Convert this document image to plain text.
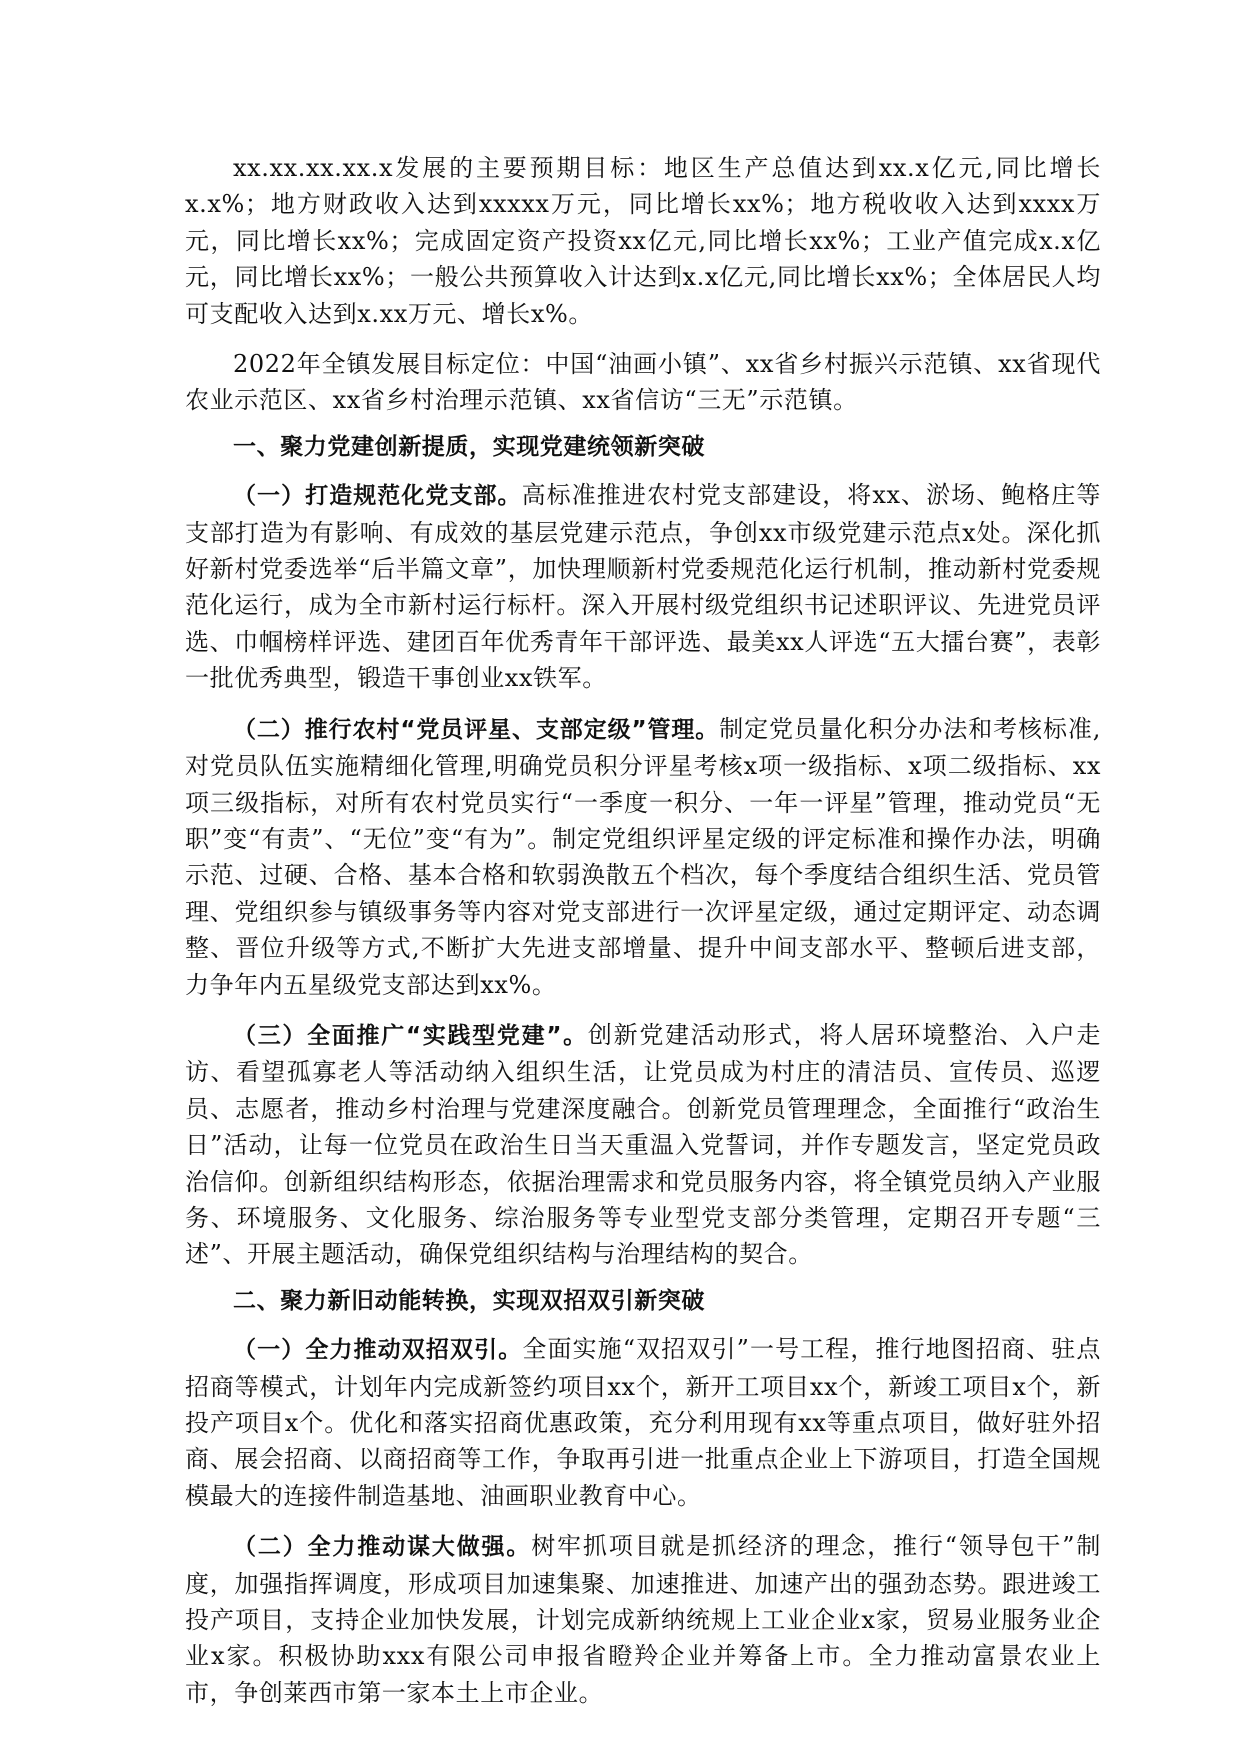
xx.xx.xx.xx.x发展的主要预期目标：地区生产总值达到xx.x亿元,同比增长x.x%；地方财政收入达到xxxxx万元，同比增长xx%；地方税收收入达到xxxx万元，同比增长xx%；完成固定资产投资xx亿元,同比增长xx%；工业产值完成x.x亿元，同比增长xx%；一般公共预算收入计达到x.x亿元,同比增长xx%；全体居民人均可支配收入达到x.xx万元、增长x%。

2022年全镇发展目标定位：中国“油画小镇”、xx省乡村振兴示范镇、xx省现代农业示范区、xx省乡村治理示范镇、xx省信访“三无”示范镇。

一、聚力党建创新提质，实现党建统领新突破

（一）打造规范化党支部。高标准推进农村党支部建设，将xx、淤场、鲍格庄等支部打造为有影响、有成效的基层党建示范点，争创xx市级党建示范点x处。深化抓好新村党委选举“后半篇文章”，加快理顺新村党委规范化运行机制，推动新村党委规范化运行，成为全市新村运行标杆。深入开展村级党组织书记述职评议、先进党员评选、巾帼榜样评选、建团百年优秀青年干部评选、最美xx人评选“五大擂台赛”，表彰一批优秀典型，锻造干事创业xx铁军。

（二）推行农村“党员评星、支部定级”管理。制定党员量化积分办法和考核标准,对党员队伍实施精细化管理,明确党员积分评星考核x项一级指标、x项二级指标、xx项三级指标，对所有农村党员实行“一季度一积分、一年一评星”管理，推动党员“无职”变“有责”、“无位”变“有为”。制定党组织评星定级的评定标准和操作办法，明确示范、过硬、合格、基本合格和软弱涣散五个档次，每个季度结合组织生活、党员管理、党组织参与镇级事务等内容对党支部进行一次评星定级，通过定期评定、动态调整、晋位升级等方式,不断扩大先进支部增量、提升中间支部水平、整顿后进支部，力争年内五星级党支部达到xx%。

（三）全面推广“实践型党建”。创新党建活动形式，将人居环境整治、入户走访、看望孤寡老人等活动纳入组织生活，让党员成为村庄的清洁员、宣传员、巡逻员、志愿者，推动乡村治理与党建深度融合。创新党员管理理念，全面推行“政治生日”活动，让每一位党员在政治生日当天重温入党誓词，并作专题发言，坚定党员政治信仰。创新组织结构形态，依据治理需求和党员服务内容，将全镇党员纳入产业服务、环境服务、文化服务、综治服务等专业型党支部分类管理，定期召开专题“三述”、开展主题活动，确保党组织结构与治理结构的契合。

二、聚力新旧动能转换，实现双招双引新突破

（一）全力推动双招双引。全面实施“双招双引”一号工程，推行地图招商、驻点招商等模式，计划年内完成新签约项目xx个，新开工项目xx个，新竣工项目x个，新投产项目x个。优化和落实招商优惠政策，充分利用现有xx等重点项目，做好驻外招商、展会招商、以商招商等工作，争取再引进一批重点企业上下游项目，打造全国规模最大的连接件制造基地、油画职业教育中心。

（二）全力推动谋大做强。树牢抓项目就是抓经济的理念，推行“领导包干”制度，加强指挥调度，形成项目加速集聚、加速推进、加速产出的强劲态势。跟进竣工投产项目，支持企业加快发展，计划完成新纳统规上工业企业x家，贸易业服务业企业x家。积极协助xxx有限公司申报省瞪羚企业并筹备上市。全力推动富景农业上市，争创莱西市第一家本土上市企业。
